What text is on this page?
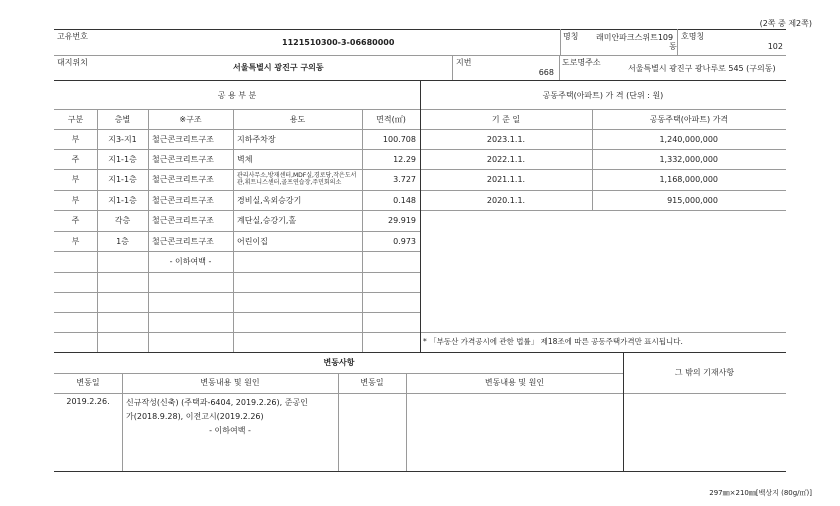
(2쪽 중 제2쪽)
고유번호
1121510300-3-06680000
명칭 래미안파크스위트109
동
호명칭
102
대지위치
서울특별시 광진구 구의동
지번
668
도로명주소
서울특별시 광진구 광나루로 545 (구의동)
공 용 부 분	공동주택(아파트) 가 격 (단위 : 원)
구분	층별	※구조	용도	면적(㎡)	기 준 일	공동주택(아파트) 가격
부	지3-지1	철근콘크리트구조	지하주차장	100.708
주	지1-1층	철근콘크리트구조	벽체	12.29
부	지1-1층	철근콘크리트구조	관리사무소,방재센터,MDF실,경로당,작은도서관,휘트니스센터,골프연습장,주민회의소	3.727
부	지1-1층	철근콘크리트구조	경비실,옥외승강기	0.148
주	각층	철근콘크리트구조	계단실,승강기,홀	29.919
부	1층	철근콘크리트구조	어린이집	0.973
- 이하여백 -
2023.1.1.	1,240,000,000
2022.1.1.	1,332,000,000
2021.1.1.	1,168,000,000
2020.1.1.	915,000,000
* 「부동산 가격공시에 관한 법률」 제18조에 따른 공동주택가격만 표시됩니다.
변동사항
변동일	변동내용 및 원인	변동일	변동내용 및 원인
2019.2.26.	신규작성(신축) (주택과-6404, 2019.2.26), 준공인
가(2018.9.28), 이전고시(2019.2.26)
- 이하여백 -
그 밖의 기재사항
297㎜×210㎜[백상지 (80g/㎡)]
